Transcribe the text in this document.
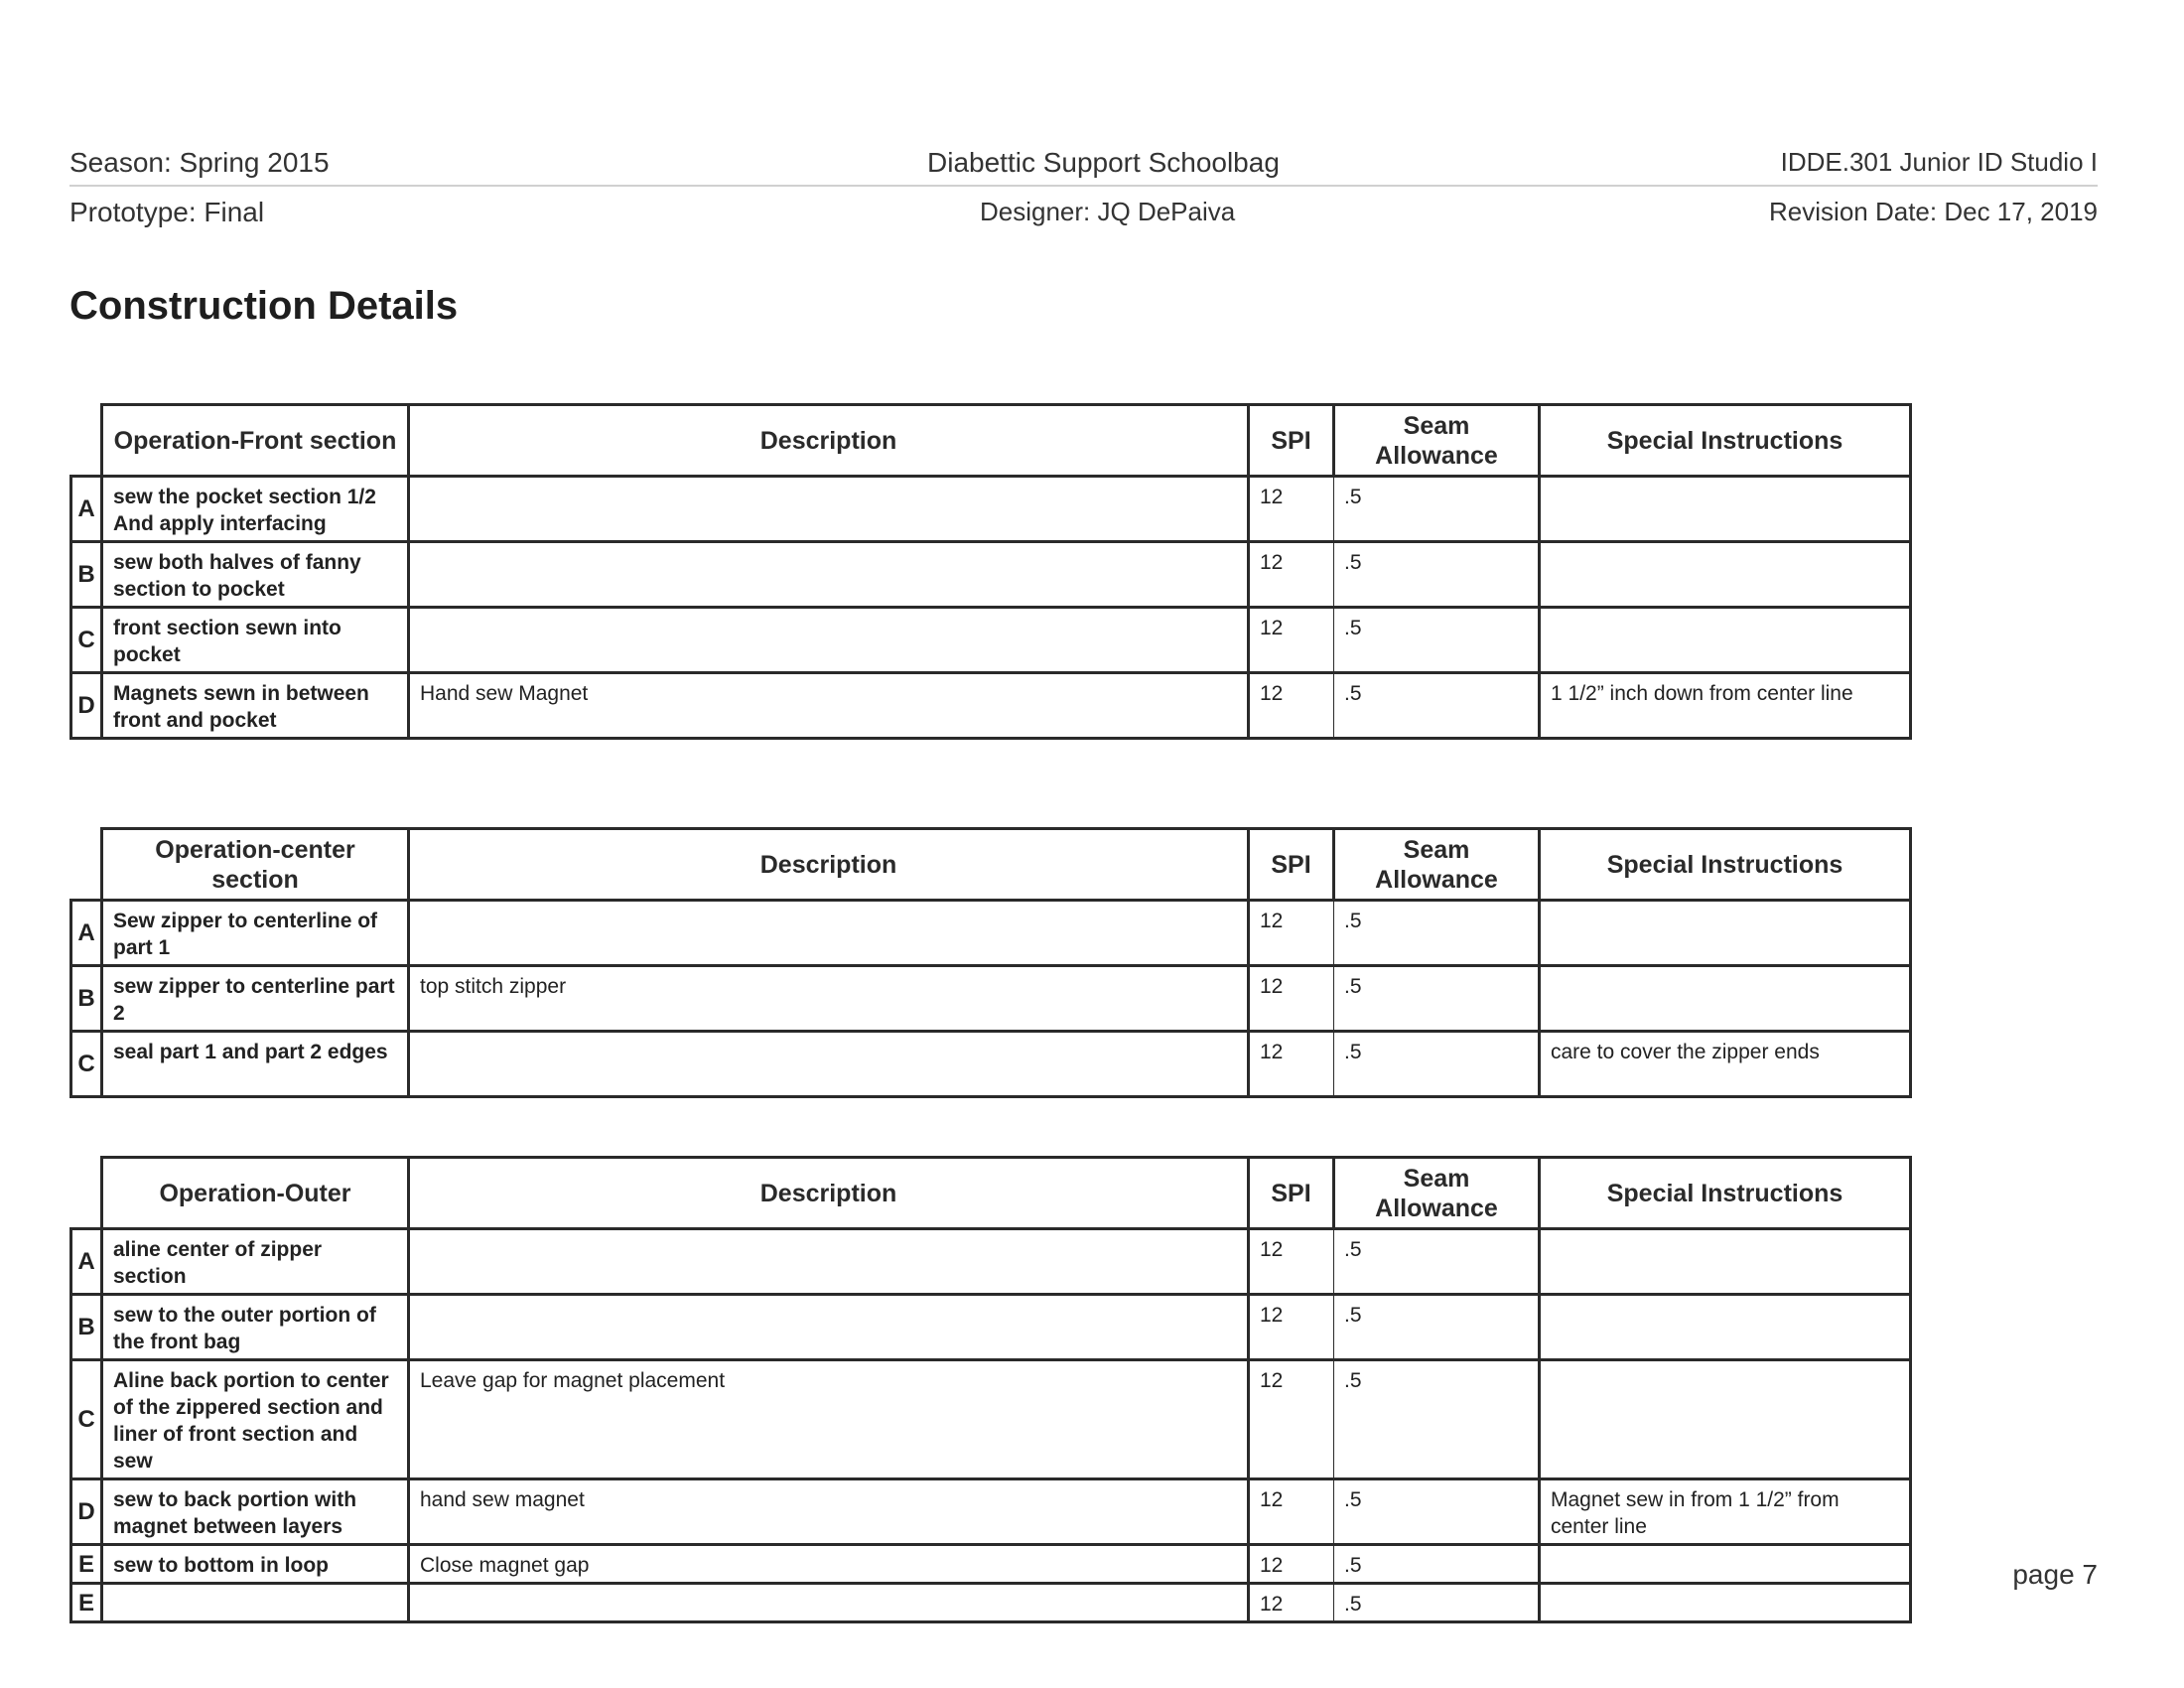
Season: Spring 2015	Diabettic Support Schoolbag	IDDE.301 Junior ID Studio I
Prototype: Final	Designer: JQ DePaiva	Revision Date: Dec 17, 2019
Construction Details
	Operation-Front section	Description	SPI	Seam Allowance	Special Instructions
A	sew the pocket section 1/2 And apply interfacing		12	.5	
B	sew both halves of fanny section to pocket		12	.5	
C	front section sewn into pocket		12	.5	
D	Magnets sewn in between front and pocket	Hand sew Magnet	12	.5	1 1/2” inch down from center line
	Operation-center section	Description	SPI	Seam Allowance	Special Instructions
A	Sew zipper to centerline of part 1		12	.5	
B	sew zipper to centerline part 2	top stitch zipper	12	.5	
C	seal part 1 and part 2 edges		12	.5	care to cover the zipper ends
	Operation-Outer	Description	SPI	Seam Allowance	Special Instructions
A	aline center of zipper section		12	.5	
B	sew to the outer portion of the front bag		12	.5	
C	Aline back portion to center of the zippered section and liner of front section and sew	Leave gap for magnet placement	12	.5	
D	sew to back portion with magnet between layers	hand sew magnet	12	.5	Magnet sew in from 1 1/2” from center line
E	sew to bottom in loop	Close magnet gap	12	.5	
E			12	.5	
page 7
